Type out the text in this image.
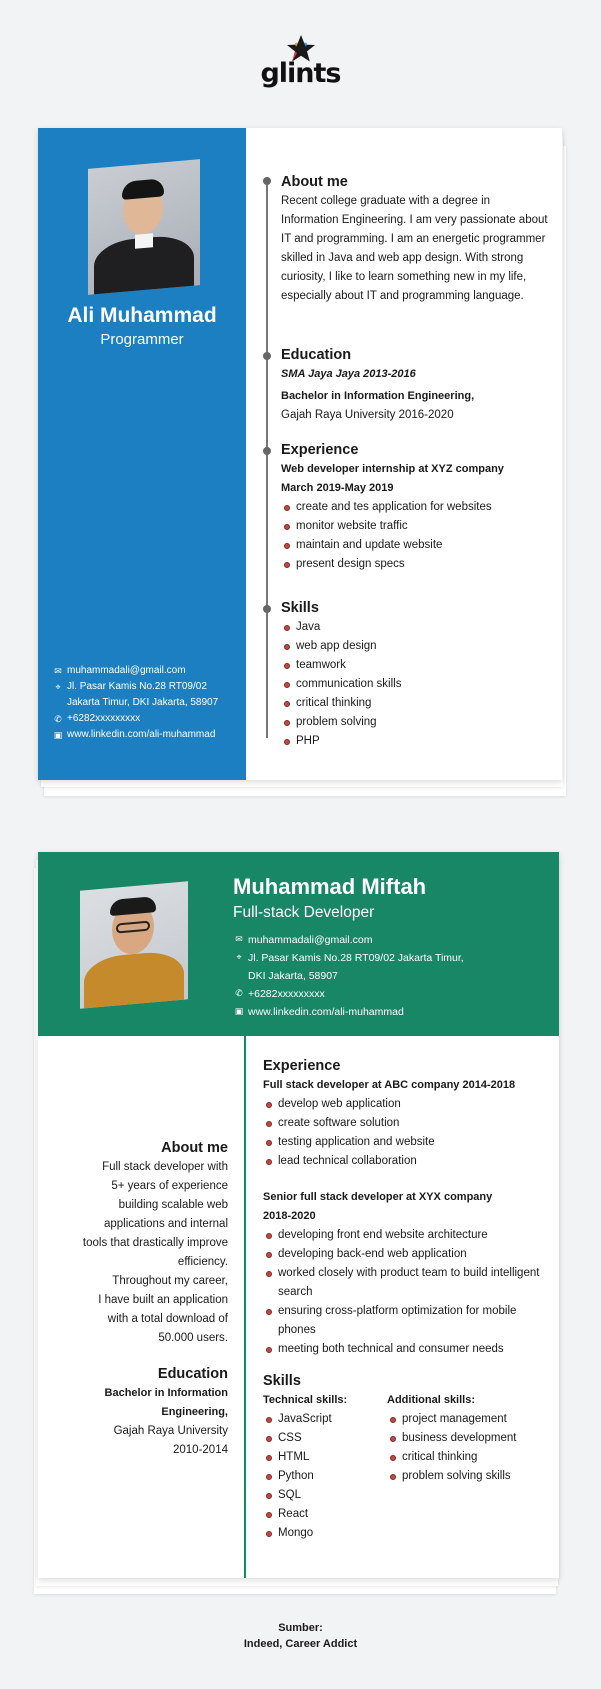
glints
Ali Muhammad
Programmer
✉ muhammadali@gmail.com
⌖ Jl. Pasar Kamis No.28 RT09/02
Jakarta Timur, DKI Jakarta, 58907
✆ +6282xxxxxxxxx
▣ www.linkedin.com/ali-muhammad
About me

Recent college graduate with a degree in Information Engineering. I am very passionate about IT and programming. I am an energetic programmer skilled in Java and web app design. With strong curiosity, I like to learn something new in my life, especially about IT and programming language.

Education
SMA Jaya Jaya 2013-2016
Bachelor in Information Engineering,
Gajah Raya University 2016-2020
Experience
Web developer internship at XYZ company
March 2019-May 2019
create and tes application for websites
monitor website traffic
maintain and update website
present design specs
Skills
Java
web app design
teamwork
communication skills
critical thinking
problem solving
PHP
Muhammad Miftah
Full-stack Developer
✉ muhammadali@gmail.com
⌖ Jl. Pasar Kamis No.28 RT09/02 Jakarta Timur,
DKI Jakarta, 58907
✆ +6282xxxxxxxxx
▣ www.linkedin.com/ali-muhammad
About me
Full stack developer with
5+ years of experience
building scalable web
applications and internal
tools that drastically improve
efficiency.
Throughout my career,
I have built an application
with a total download of
50.000 users.
Education
Bachelor in Information
Engineering,
Gajah Raya University
2010-2014
Experience
Full stack developer at ABC company 2014-2018
develop web application
create software solution
testing application and website
lead technical collaboration
Senior full stack developer at XYX company
2018-2020
developing front end website architecture
developing back-end web application
worked closely with product team to build intelligent search
ensuring cross-platform optimization for mobile phones
meeting both technical and consumer needs
Skills
Technical skills:
JavaScript
CSS
HTML
Python
SQL
React
Mongo
Additional skills:
project management
business development
critical thinking
problem solving skills
Sumber:
Indeed, Career Addict
